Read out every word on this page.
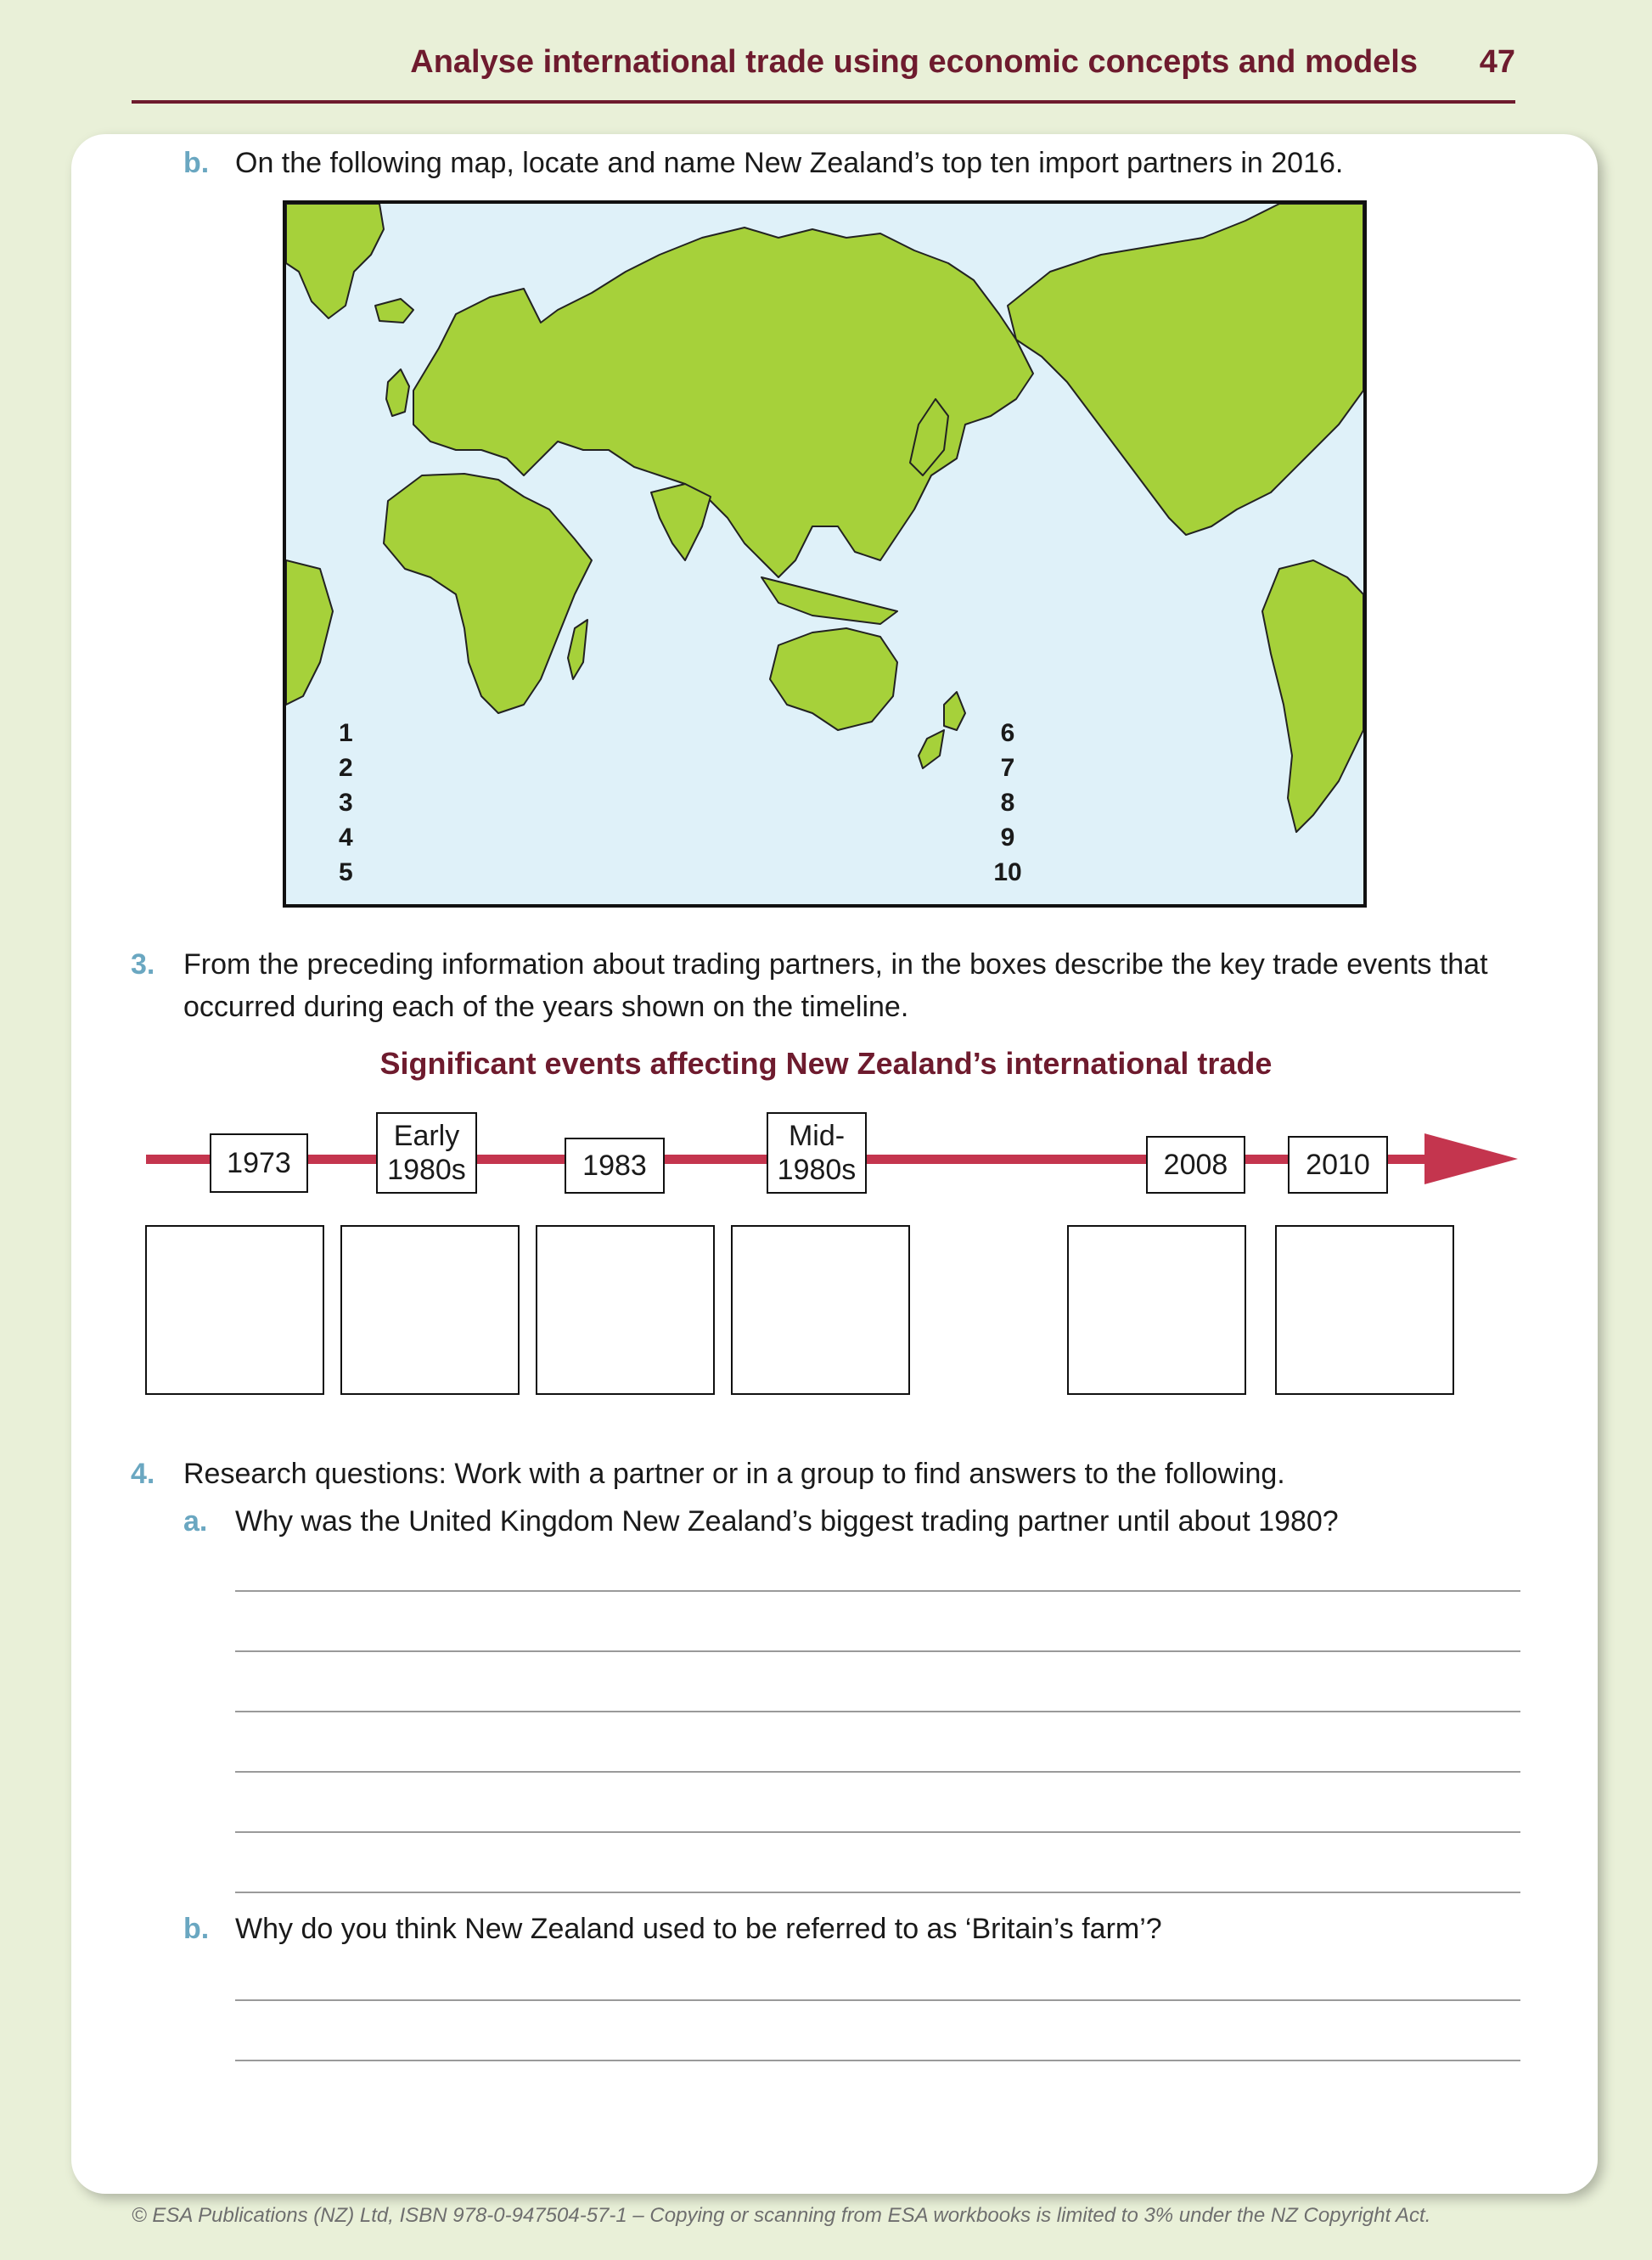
Analyse international trade using economic concepts and models 47
b. On the following map, locate and name New Zealand’s top ten import partners in 2016.
1
2
3
4
5
6
7
8
9
10
3. From the preceding information about trading partners, in the boxes describe the key trade events that
occurred during each of the years shown on the timeline.
Significant events affecting New Zealand’s international trade
1973
Early
1980s	1983
Mid-
1980s	2008	2010
4. Research questions: Work with a partner or in a group to find answers to the following.
a. Why was the United Kingdom New Zealand’s biggest trading partner until about 1980?
b. Why do you think New Zealand used to be referred to as ‘Britain’s farm’?
© ESA Publications (NZ) Ltd, ISBN 978-0-947504-57-1 – Copying or scanning from ESA workbooks is limited to 3% under the NZ Copyright Act.
